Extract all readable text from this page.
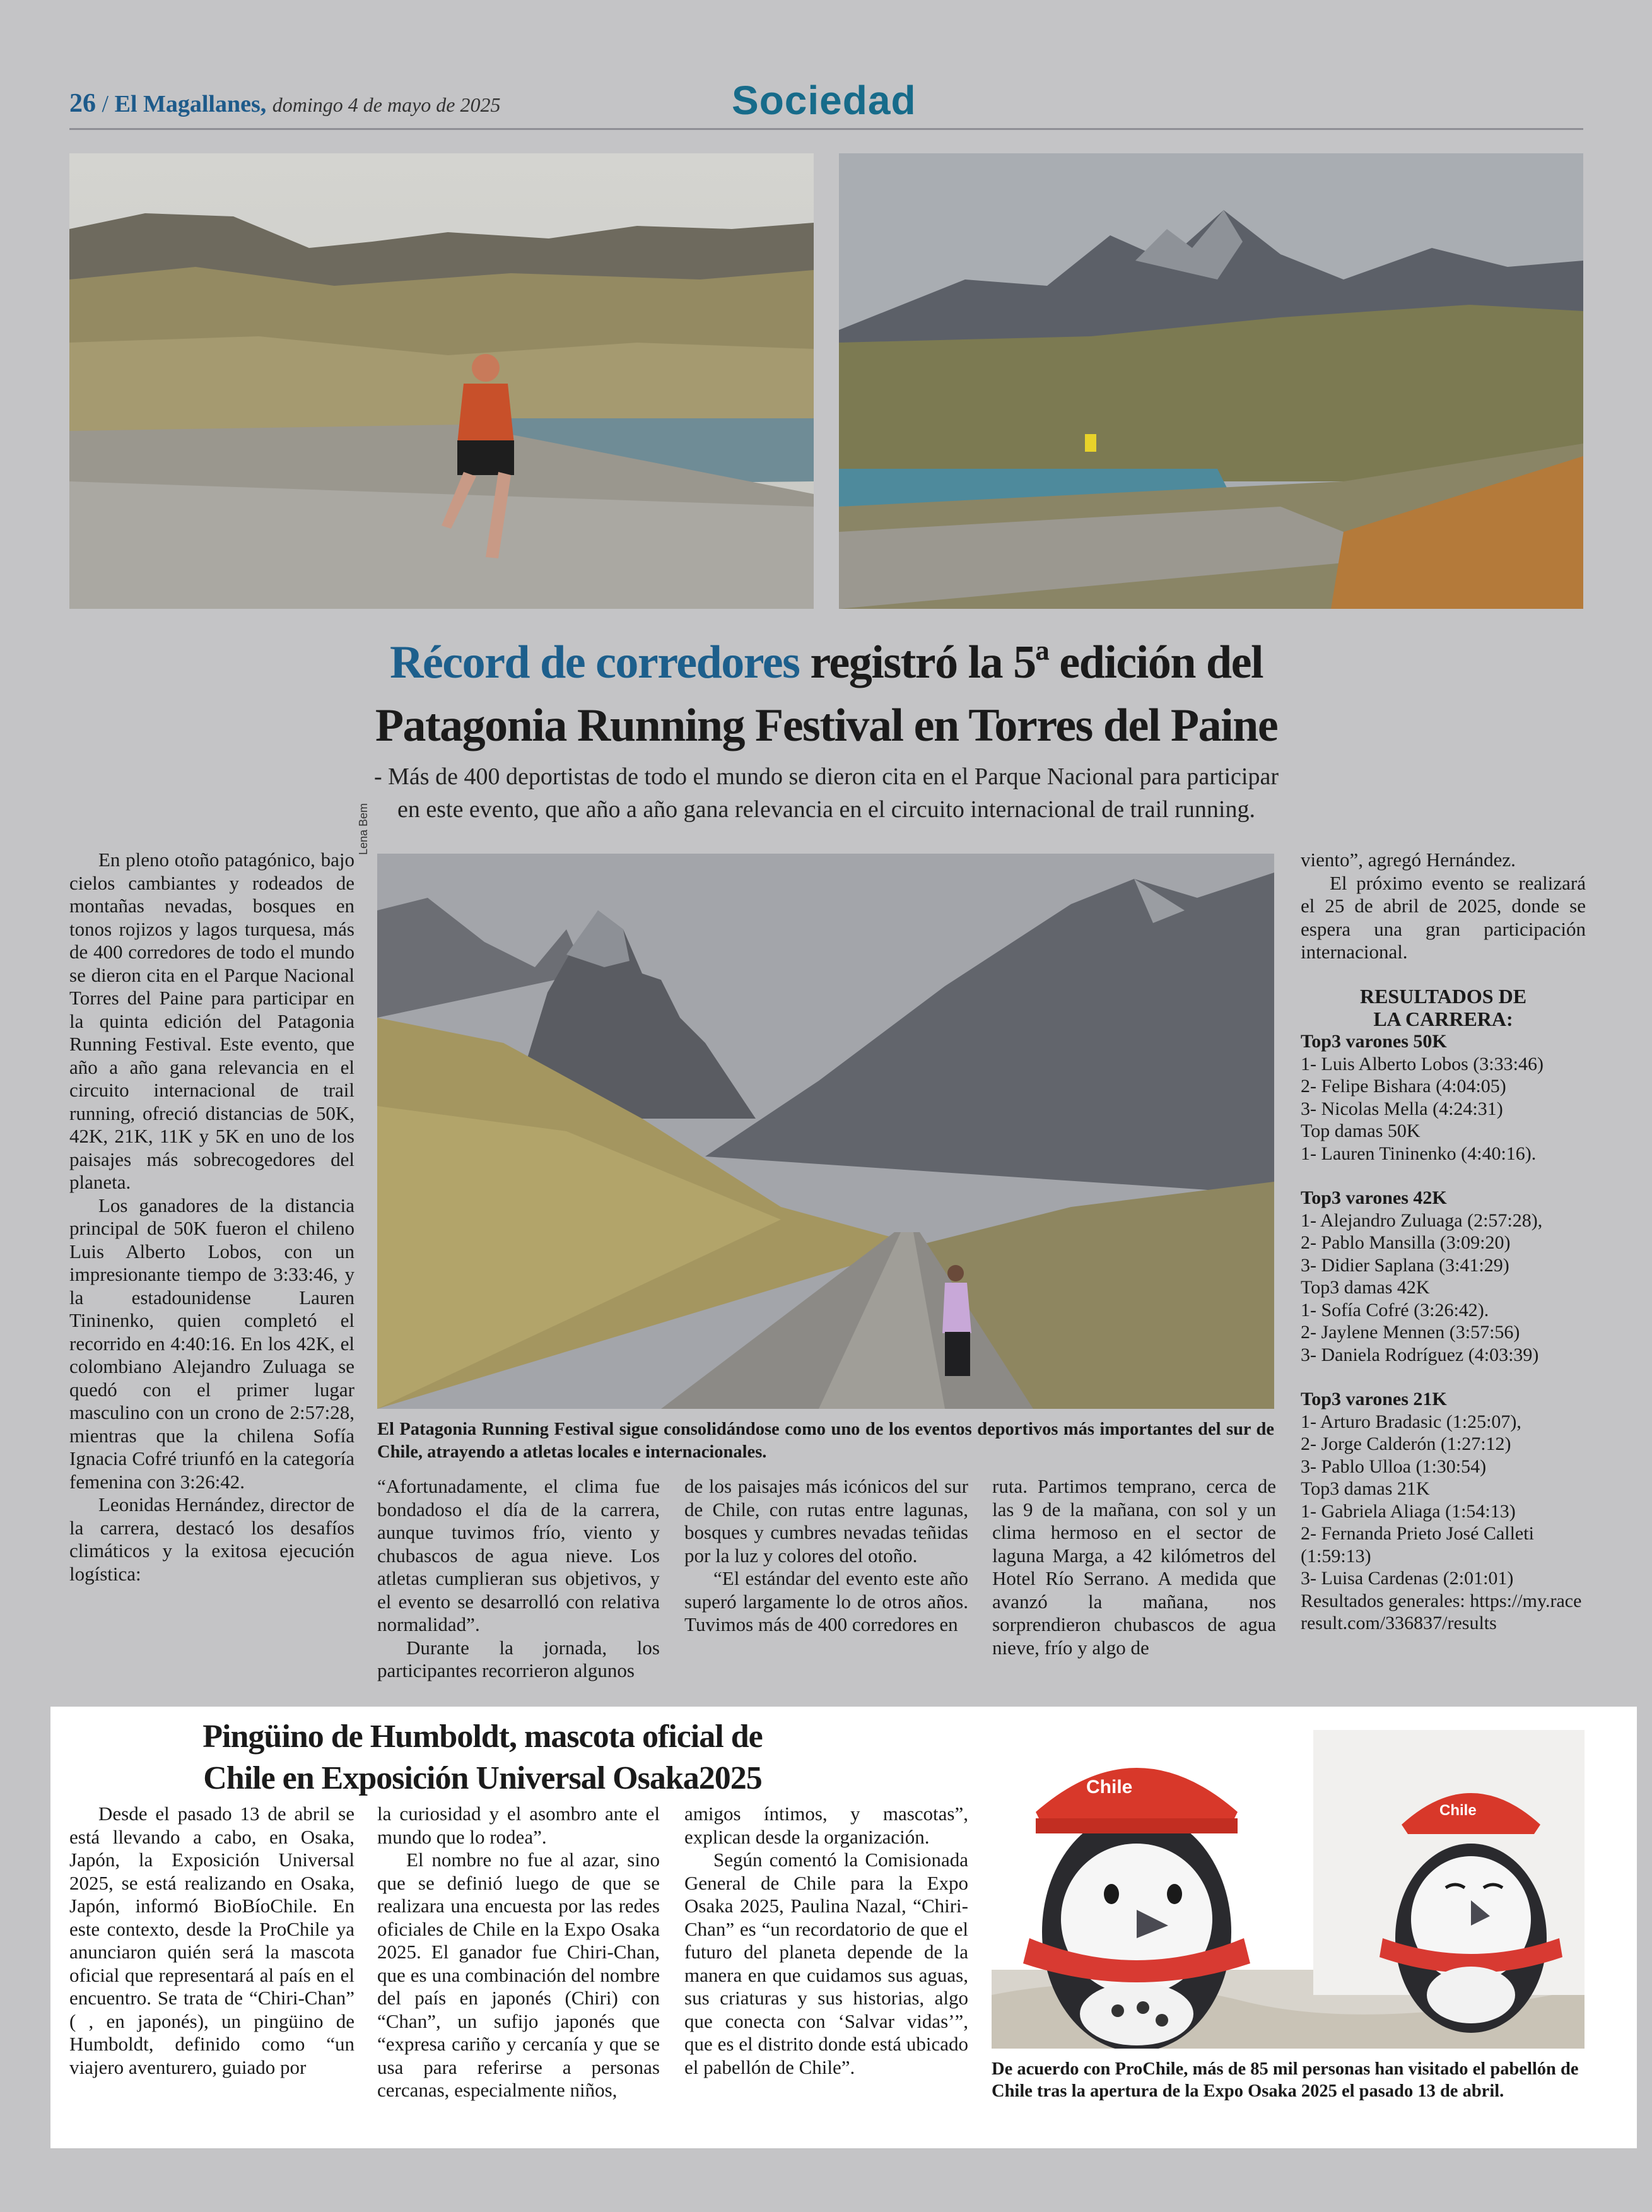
26 / El Magallanes, domingo 4 de mayo de 2025	Sociedad
Récord de corredores registró la 5ª edición del
Patagonia Running Festival en Torres del Paine
- Más de 400 deportistas de todo el mundo se dieron cita en el Parque Nacional para participar
en este evento, que año a año gana relevancia en el circuito internacional de trail running.

En pleno otoño patagónico, bajo cielos cambiantes y rodeados de montañas nevadas, bosques en tonos rojizos y lagos turquesa, más de 400 corredores de todo el mundo se dieron cita en el Parque Nacional Torres del Paine para participar en la quinta edición del Patagonia Running Festival. Este evento, que año a año gana relevancia en el circuito internacional de trail running, ofreció distancias de 50K, 42K, 21K, 11K y 5K en uno de los paisajes más sobrecogedores del planeta.

Los ganadores de la distancia principal de 50K fueron el chileno Luis Alberto Lobos, con un impresionante tiempo de 3:33:46, y la estadounidense Lauren Tininenko, quien completó el recorrido en 4:40:16. En los 42K, el colombiano Alejandro Zuluaga se quedó con el primer lugar masculino con un crono de 2:57:28, mientras que la chilena Sofía Ignacia Cofré triunfó en la categoría femenina con 3:26:42.

Leonidas Hernández, director de la carrera, destacó los desafíos climáticos y la exitosa ejecución logística:

Lena Bem
El Patagonia Running Festival sigue consolidándose como uno de los eventos deportivos más importantes del sur de Chile, atrayendo a atletas locales e internacionales.

“Afortunadamente, el clima fue bondadoso el día de la carrera, aunque tuvimos frío, viento y chubascos de agua nieve. Los atletas cumplieran sus objetivos, y el evento se desarrolló con relativa normalidad”.

Durante la jornada, los participantes recorrieron algunos

de los paisajes más icónicos del sur de Chile, con rutas entre lagunas, bosques y cumbres nevadas teñidas por la luz y colores del otoño.

“El estándar del evento este año superó largamente lo de otros años. Tuvimos más de 400 corredores en

ruta. Partimos temprano, cerca de las 9 de la mañana, con sol y un clima hermoso en el sector de laguna Marga, a 42 kilómetros del Hotel Río Serrano. A medida que avanzó la mañana, nos sorprendieron chubascos de agua nieve, frío y algo de

viento”, agregó Hernández.

El próximo evento se realizará el 25 de abril de 2025, donde se espera una gran participación internacional.

RESULTADOS DE
LA CARRERA:
Top3 varones 50K
1- Luis Alberto Lobos (3:33:46)
2- Felipe Bishara (4:04:05)
3- Nicolas Mella (4:24:31)
Top damas 50K
1- Lauren Tininenko (4:40:16).
Top3 varones 42K
1- Alejandro Zuluaga (2:57:28),
2- Pablo Mansilla (3:09:20)
3- Didier Saplana (3:41:29)
Top3 damas 42K
1- Sofía Cofré (3:26:42).
2- Jaylene Mennen (3:57:56)
3- Daniela Rodríguez (4:03:39)
Top3 varones 21K
1- Arturo Bradasic (1:25:07),
2- Jorge Calderón (1:27:12)
3- Pablo Ulloa (1:30:54)
Top3 damas 21K
1- Gabriela Aliaga (1:54:13)
2- Fernanda Prieto José Calleti (1:59:13)
3- Luisa Cardenas (2:01:01)
Resultados generales: https://my.raceresult.com/336837/results
Pingüino de Humboldt, mascota oficial de
Chile en Exposición Universal Osaka2025

Desde el pasado 13 de abril se está llevando a cabo, en Osaka, Japón, la Exposición Universal 2025, se está realizando en Osaka, Japón, informó BioBíoChile. En este contexto, desde la ProChile ya anunciaron quién será la mascota oficial que representará al país en el encuentro. Se trata de “Chiri-Chan” ( , en japonés), un pingüino de Humboldt, definido como “un viajero aventurero, guiado por

la curiosidad y el asombro ante el mundo que lo rodea”.

El nombre no fue al azar, sino que se definió luego de que se realizara una encuesta por las redes oficiales de Chile en la Expo Osaka 2025. El ganador fue Chiri-Chan, que es una combinación del nombre del país en japonés (Chiri) con “Chan”, un sufijo japonés que “expresa cariño y cercanía y que se usa para referirse a personas cercanas, especialmente niños,

amigos íntimos, y mascotas”, explican desde la organización.

Según comentó la Comisionada General de Chile para la Expo Osaka 2025, Paulina Nazal, “Chiri-Chan” es “un recordatorio de que el futuro del planeta depende de la manera en que cuidamos sus aguas, sus criaturas y sus historias, algo que conecta con ‘Salvar vidas’”, que es el distrito donde está ubicado el pabellón de Chile”.

Chile
Chile
De acuerdo con ProChile, más de 85 mil personas han visitado el pabellón de Chile tras la apertura de la Expo Osaka 2025 el pasado 13 de abril.
